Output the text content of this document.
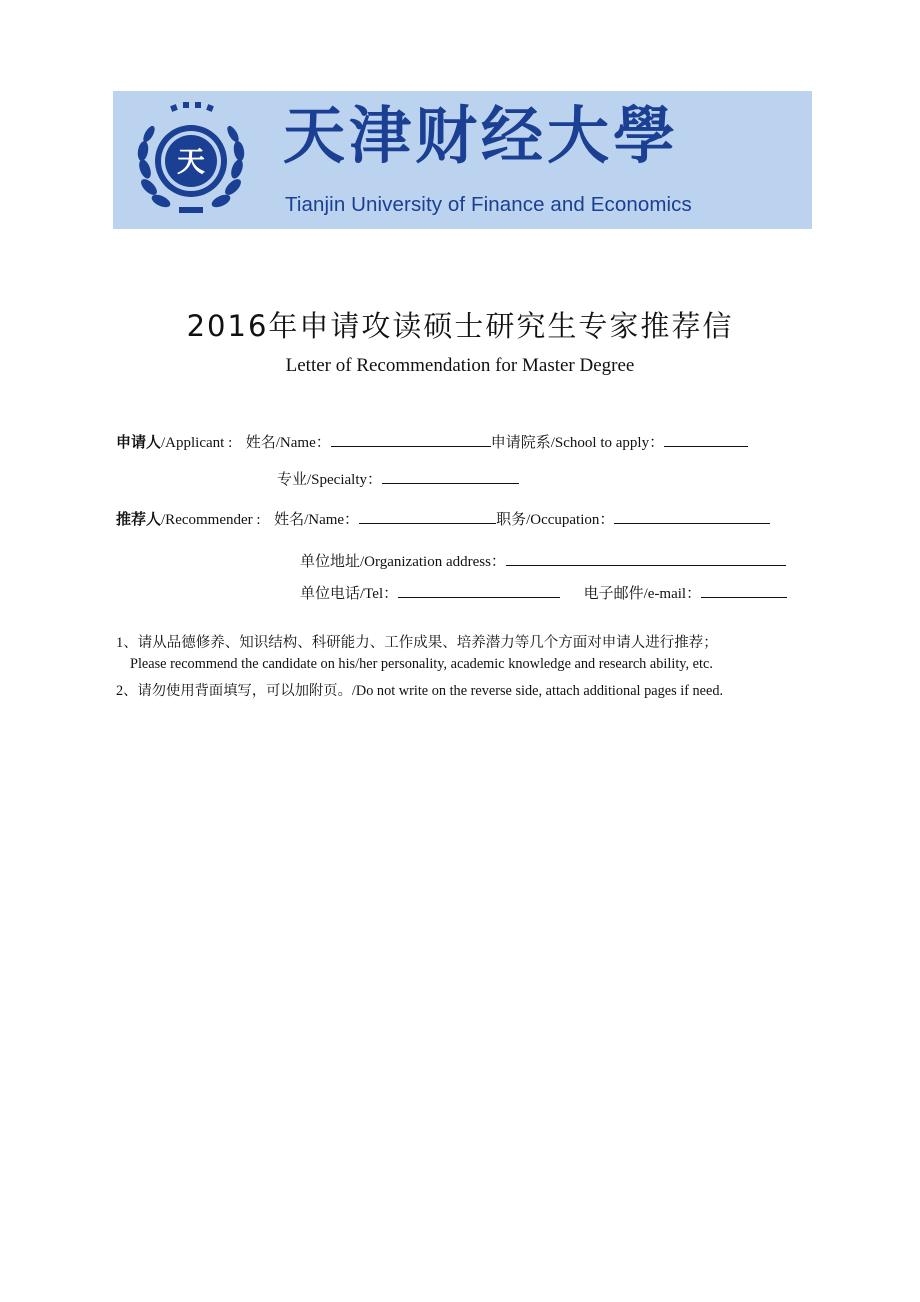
天 天津财经大學
Tianjin University of Finance and Economics
2016年申请攻读硕士研究生专家推荐信
Letter of Recommendation for Master Degree
申请人/Applicant : 姓名/Name：	申请院系/School to apply：
专业/Specialty：
推荐人/Recommender : 姓名/Name：	职务/Occupation：
单位地址/Organization address：
单位电话/Tel：	电子邮件/e-mail：
1、请从品德修养、知识结构、科研能力、工作成果、培养潜力等几个方面对申请人进行推荐；
Please recommend the candidate on his/her personality, academic knowledge and research ability, etc.
2、请勿使用背面填写，可以加附页。/Do not write on the reverse side, attach additional pages if need.
